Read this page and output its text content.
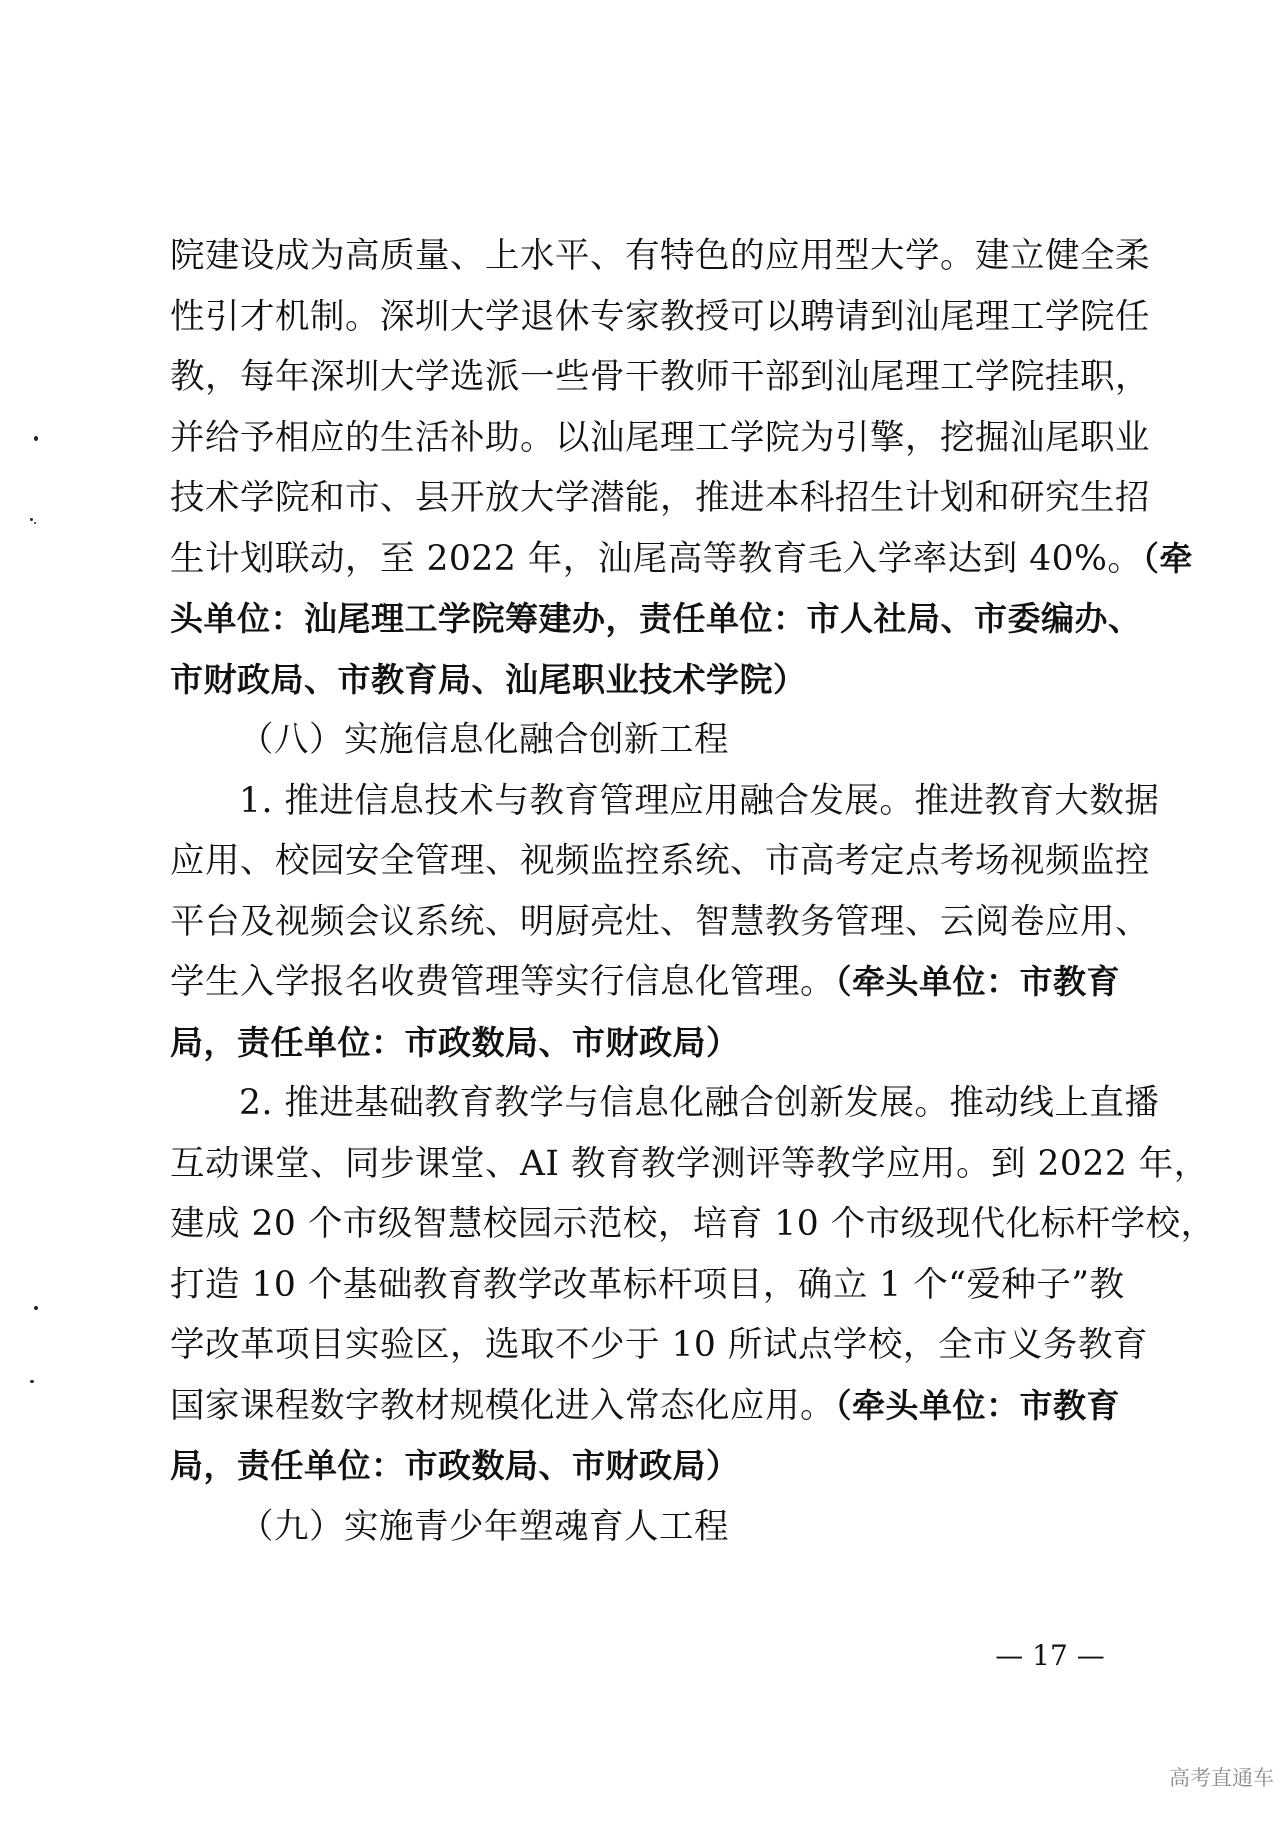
院建设成为高质量、上水平、有特色的应用型大学。建立健全柔
性引才机制。深圳大学退休专家教授可以聘请到汕尾理工学院任
教，每年深圳大学选派一些骨干教师干部到汕尾理工学院挂职，
并给予相应的生活补助。以汕尾理工学院为引擎，挖掘汕尾职业
技术学院和市、县开放大学潜能，推进本科招生计划和研究生招
生计划联动，至 2022 年，汕尾高等教育毛入学率达到 40%。（牵
头单位：汕尾理工学院筹建办，责任单位：市人社局、市委编办、
市财政局、市教育局、汕尾职业技术学院）
（八）实施信息化融合创新工程
1. 推进信息技术与教育管理应用融合发展。推进教育大数据
应用、校园安全管理、视频监控系统、市高考定点考场视频监控
平台及视频会议系统、明厨亮灶、智慧教务管理、云阅卷应用、
学生入学报名收费管理等实行信息化管理。（牵头单位：市教育
局，责任单位：市政数局、市财政局）
2. 推进基础教育教学与信息化融合创新发展。推动线上直播
互动课堂、同步课堂、AI 教育教学测评等教学应用。到 2022 年，
建成 20 个市级智慧校园示范校，培育 10 个市级现代化标杆学校，
打造 10 个基础教育教学改革标杆项目，确立 1 个“爱种子”教
学改革项目实验区，选取不少于 10 所试点学校，全市义务教育
国家课程数字教材规模化进入常态化应用。（牵头单位：市教育
局，责任单位：市政数局、市财政局）
（九）实施青少年塑魂育人工程
— 17 —
高考直通车
